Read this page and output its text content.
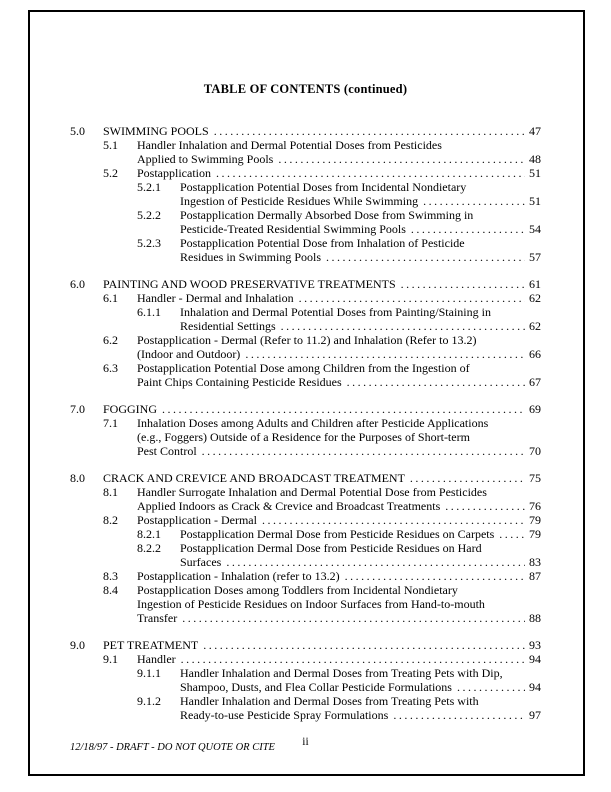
TABLE OF CONTENTS (continued)
5.0	SWIMMING POOLS .....	47
5.1	Handler Inhalation and Dermal Potential Doses from Pesticides
Applied to Swimming Pools .....	48
5.2	Postapplication .....	51
5.2.1	Postapplication Potential Doses from Incidental Nondietary
Ingestion of Pesticide Residues While Swimming .....	51
5.2.2	Postapplication Dermally Absorbed Dose from Swimming in
Pesticide-Treated Residential Swimming Pools .....	54
5.2.3	Postapplication Potential Dose from Inhalation of Pesticide
Residues in Swimming Pools .....	57
6.0	PAINTING AND WOOD PRESERVATIVE TREATMENTS .....	61
6.1	Handler - Dermal and Inhalation .....	62
6.1.1	Inhalation and Dermal Potential Doses from Painting/Staining in
Residential Settings .....	62
6.2	Postapplication - Dermal (Refer to 11.2) and Inhalation (Refer to 13.2)
(Indoor and Outdoor) .....	66
6.3	Postapplication Potential Dose among Children from the Ingestion of
Paint Chips Containing Pesticide Residues .....	67
7.0	FOGGING .....	69
7.1	Inhalation Doses among Adults and Children after Pesticide Applications
(e.g., Foggers) Outside of a Residence for the Purposes of Short-term
Pest Control .....	70
8.0	CRACK AND CREVICE AND BROADCAST TREATMENT .....	75
8.1	Handler Surrogate Inhalation and Dermal Potential Dose from Pesticides
Applied Indoors as Crack & Crevice and Broadcast Treatments .....	76
8.2	Postapplication - Dermal .....	79
8.2.1	Postapplication Dermal Dose from Pesticide Residues on Carpets .....	79
8.2.2	Postapplication Dermal Dose from Pesticide Residues on Hard
Surfaces .....	83
8.3	Postapplication - Inhalation (refer to 13.2) .....	87
8.4	Postapplication Doses among Toddlers from Incidental Nondietary
Ingestion of Pesticide Residues on Indoor Surfaces from Hand-to-mouth
Transfer .....	88
9.0	PET TREATMENT .....	93
9.1	Handler .....	94
9.1.1	Handler Inhalation and Dermal Doses from Treating Pets with Dip,
Shampoo, Dusts, and Flea Collar Pesticide Formulations .....	94
9.1.2	Handler Inhalation and Dermal Doses from Treating Pets with
Ready-to-use Pesticide Spray Formulations .....	97
12/18/97 - DRAFT - DO NOT QUOTE OR CITE	ii
